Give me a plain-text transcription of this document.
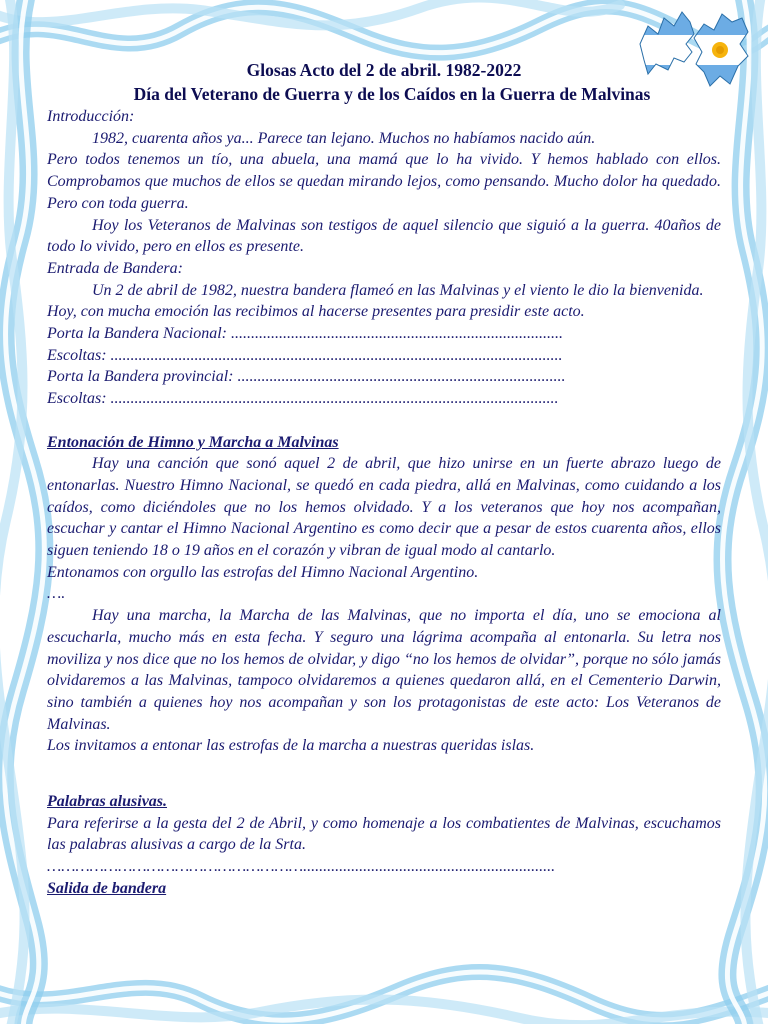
Glosas Acto del 2 de abril. 1982-2022
Día del Veterano de Guerra y de los Caídos en la Guerra de Malvinas

Introducción:

1982, cuarenta años ya... Parece tan lejano. Muchos no habíamos nacido aún.

Pero todos tenemos un tío, una abuela, una mamá que lo ha vivido. Y hemos hablado con ellos. Comprobamos que muchos de ellos se quedan mirando lejos, como pensando. Mucho dolor ha quedado. Pero con toda guerra.

Hoy los Veteranos de Malvinas son testigos de aquel silencio que siguió a la guerra. 40años de todo lo vivido, pero en ellos es presente.

Entrada de Bandera:

Un 2 de abril de 1982, nuestra bandera flameó en las Malvinas y el viento le dio la bienvenida.

Hoy, con mucha emoción las recibimos al hacerse presentes para presidir este acto.

Porta la Bandera Nacional: ...................................................................................

Escoltas: .................................................................................................................

Porta la Bandera provincial: ..................................................................................

Escoltas: ................................................................................................................

Entonación de Himno y Marcha a Malvinas

Hay una canción que sonó aquel 2 de abril, que hizo unirse en un fuerte abrazo luego de entonarlas. Nuestro Himno Nacional, se quedó en cada piedra, allá en Malvinas, como cuidando a los caídos, como diciéndoles que no los hemos olvidado. Y a los veteranos que hoy nos acompañan, escuchar y cantar el Himno Nacional Argentino es como decir que a pesar de estos cuarenta años, ellos siguen teniendo 18 o 19 años en el corazón y vibran de igual modo al cantarlo.

Entonamos con orgullo las estrofas del Himno Nacional Argentino.

….

Hay una marcha, la Marcha de las Malvinas, que no importa el día, uno se emociona al escucharla, mucho más en esta fecha. Y seguro una lágrima acompaña al entonarla. Su letra nos moviliza y nos dice que no los hemos de olvidar, y digo “no los hemos de olvidar”, porque no sólo jamás olvidaremos a las Malvinas, tampoco olvidaremos a quienes quedaron allá, en el Cementerio Darwin, sino también a quienes hoy nos acompañan y son los protagonistas de este acto: Los Veteranos de Malvinas.

Los invitamos a entonar las estrofas de la marcha a nuestras queridas islas.

Palabras alusivas.

Para referirse a la gesta del 2 de Abril, y como homenaje a los combatientes de Malvinas, escuchamos las palabras alusivas a cargo de la Srta.

………………………………………………...............................................................

Salida de bandera
